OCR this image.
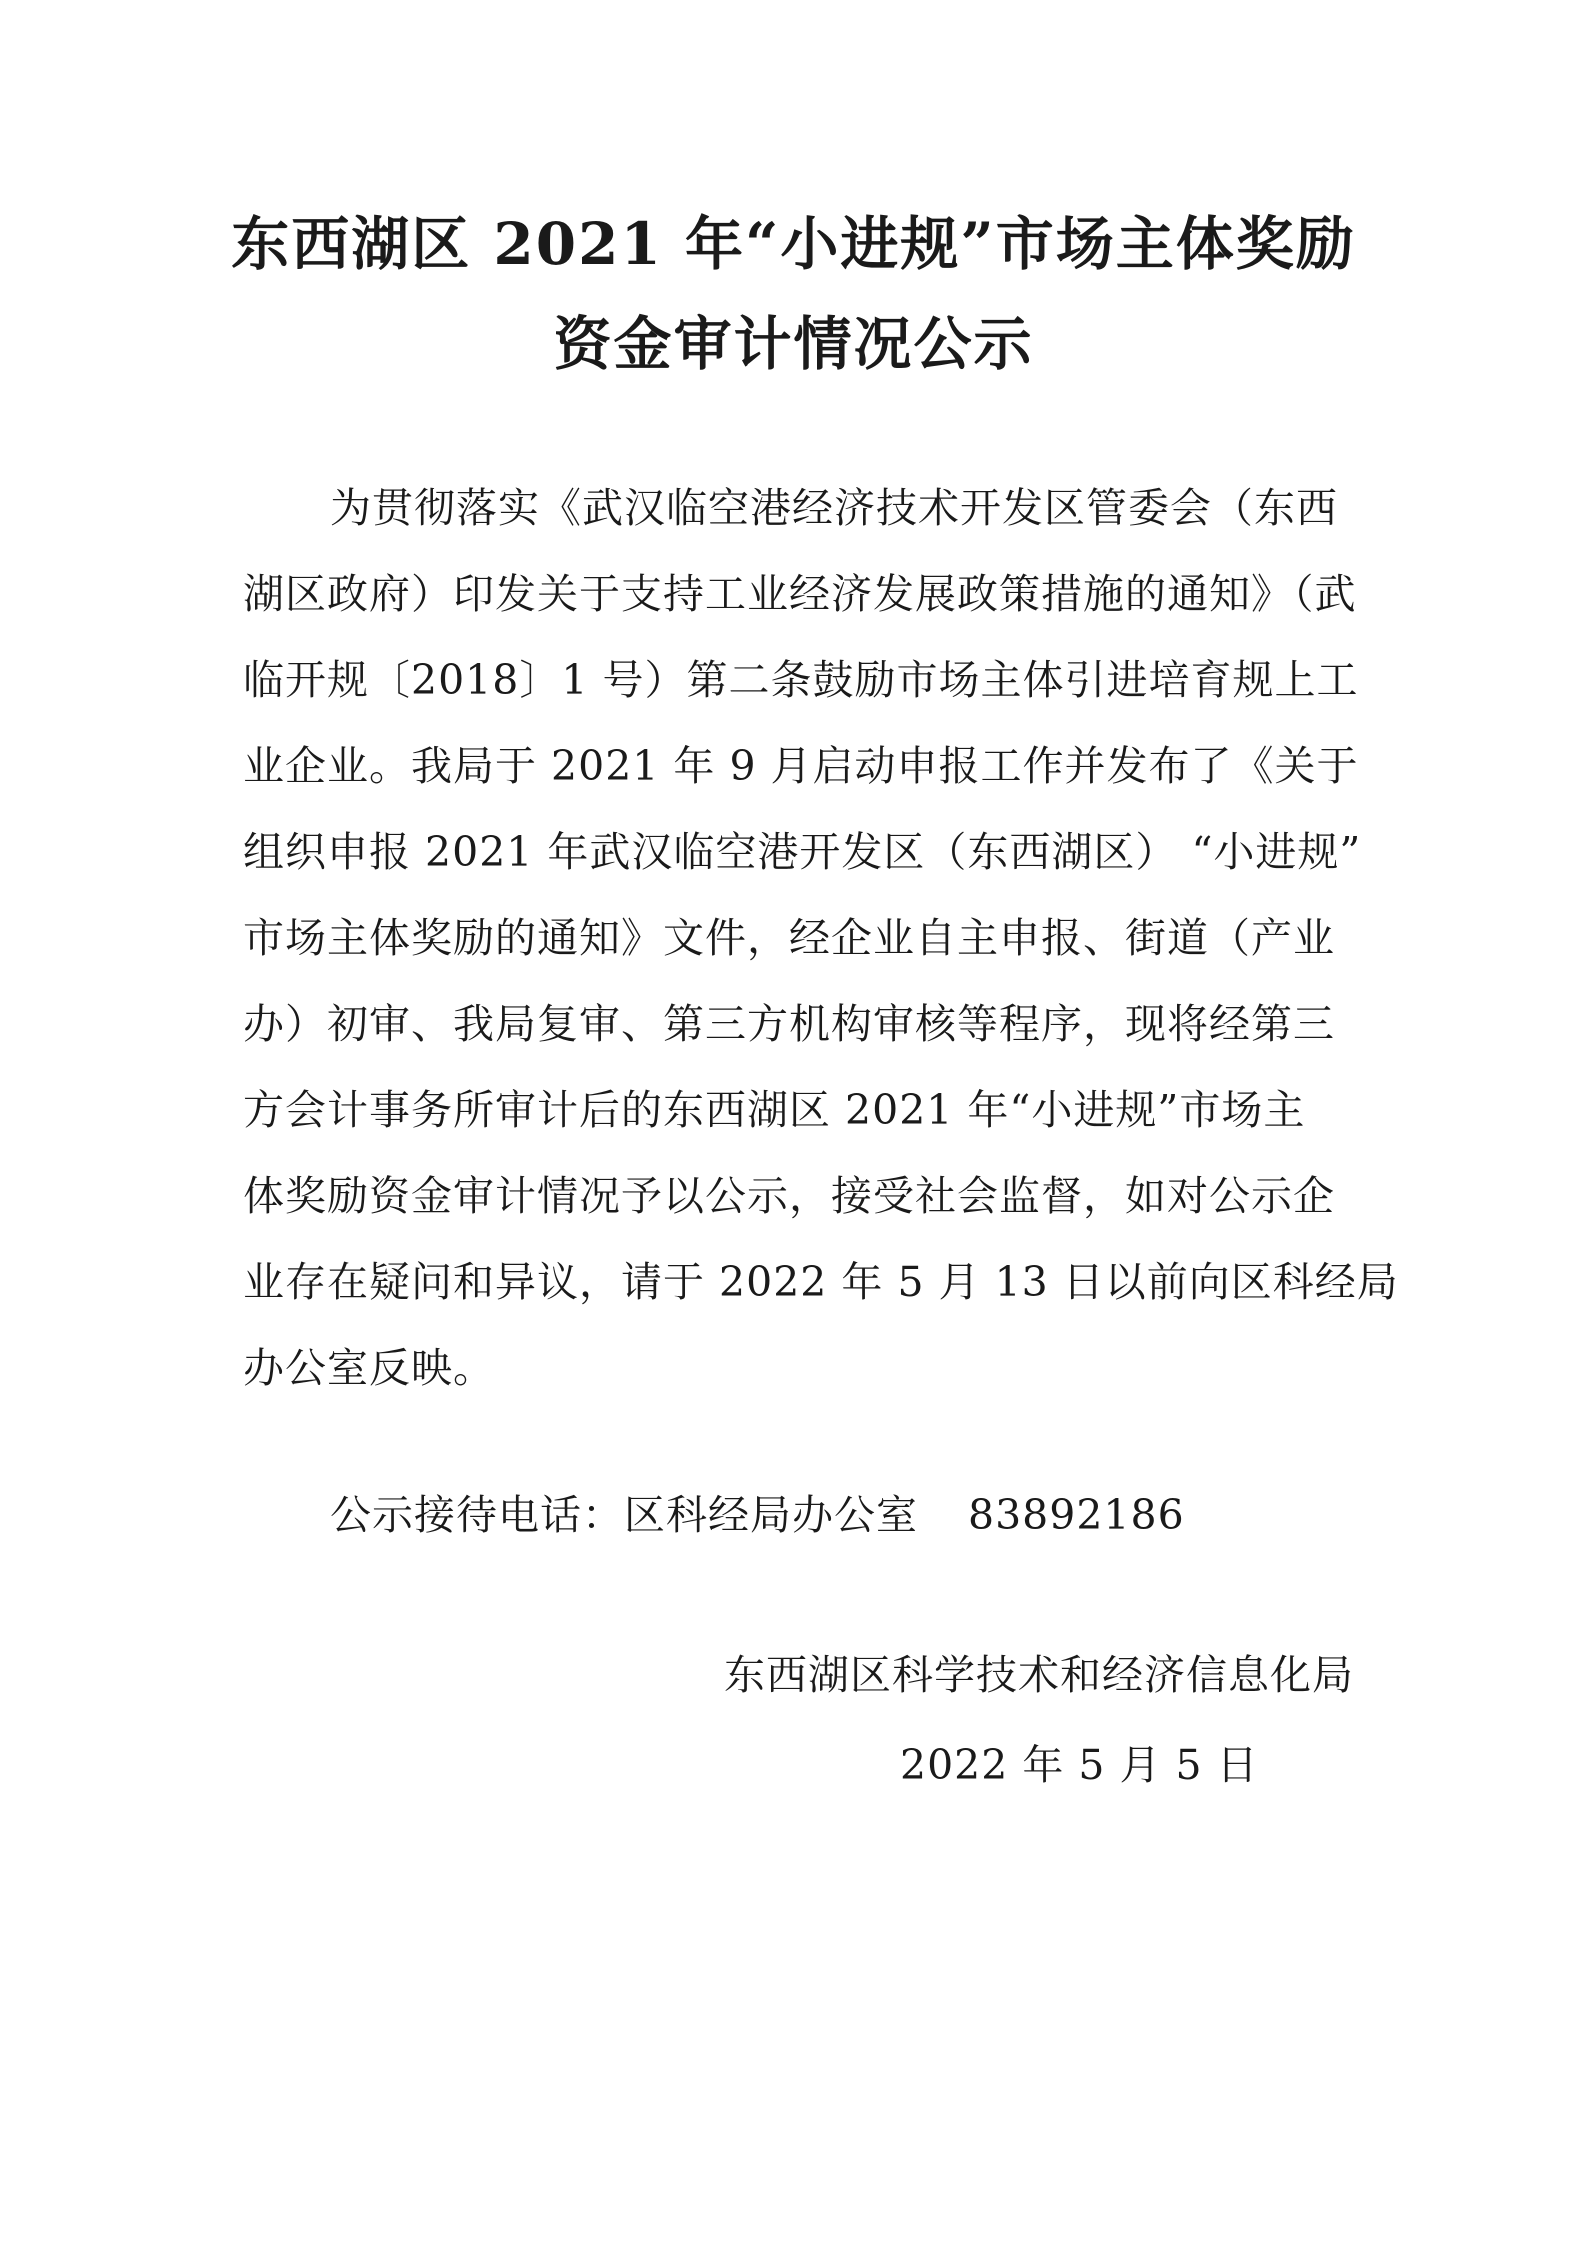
东西湖区 2021 年“小进规”市场主体奖励
资金审计情况公示
为贯彻落实《武汉临空港经济技术开发区管委会（东西
湖区政府）印发关于支持工业经济发展政策措施的通知》（武
临开规〔2018〕1 号）第二条鼓励市场主体引进培育规上工
业企业。我局于 2021 年 9 月启动申报工作并发布了《关于
组织申报 2021 年武汉临空港开发区（东西湖区） “小进规”
市场主体奖励的通知》文件，经企业自主申报、街道（产业
办）初审、我局复审、第三方机构审核等程序，现将经第三
方会计事务所审计后的东西湖区 2021 年“小进规”市场主
体奖励资金审计情况予以公示，接受社会监督，如对公示企
业存在疑问和异议，请于 2022 年 5 月 13 日以前向区科经局
办公室反映。
公示接待电话：区科经局办公室 83892186
东西湖区科学技术和经济信息化局
2022 年 5 月 5 日
